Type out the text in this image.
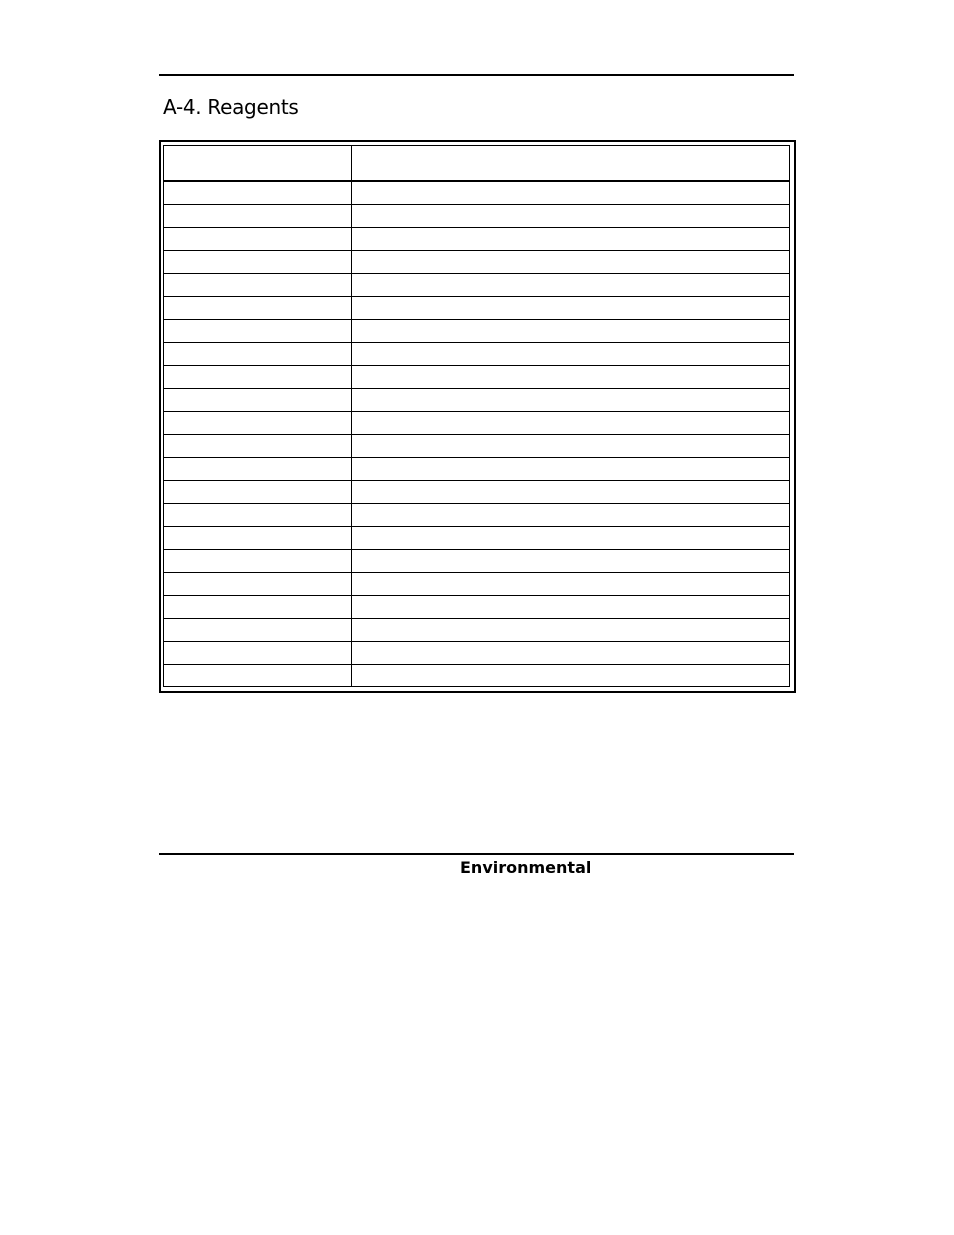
A-4. Reagents

Environmental
